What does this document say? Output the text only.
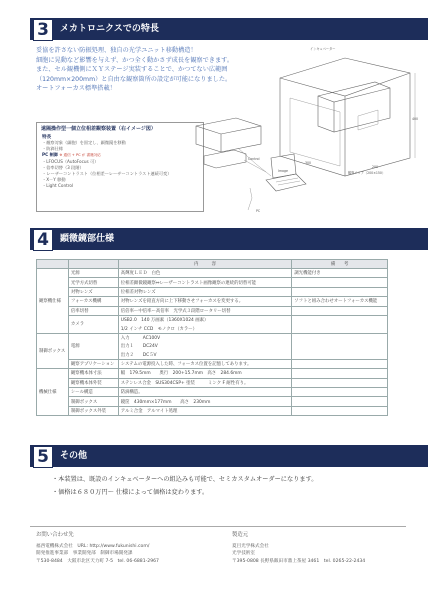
3	メカトロニクスでの特長

妥協を許さない防振処理、独自の光学ユニット移動構造！

細胞に晃動など影響を与えず、かつ全く動かさず成長を観察できます。

また、セル観機側にＸＹステージ実装することで、かつてない広範囲

（120mm×200mm）と自由な観察箇所の設定が可能になりました。

オートフォーカス標準搭載！

インキュベーター
観察エリア（200×150）
400
300
200
遠隔操作型一個立位相差観察装置（右イメージ図）
特長
・観察対象（細胞）を固定し、顕微鏡を移動
・防滴仕様
PC 制御 ※ 通信 + PC が 書籍対応
・LFOCUS（AutoFocus 可）
・倍率切替（3 段階）
・レーザーコントラスト（位相差ーレーザーコントラスト連続可変）
・X－Y 移動
・Light Control
Control
Image
PC
4	顕微鏡部仕様
		内　　　容	備　　考
観察機仕様	光源	高輝度ＬＥＤ　白色	調光機能付き
	光学方式切替	位相差顕微鏡観察⇔レーザーコントラスト画像観察の連続的切替可能	
	対物レンズ	位相差対物レンズ	
	フォーカス機構	対物レンズを鉛直方向に上下移動させフォーカスを変更する。	ソフトと組み合わせオートフォーカス機能
	倍率切替	倍倍率ー中倍率ー高倍率　光学式３段階ロータリー切替	
	カメラ	USB2.0　140 万画素（1360X1024 画素）	
		1/2 インチ CCD　モノクロ（カラー）	
制御ボックス	電源	入力　　　AC100V	
		出力１　　DC24V	
		出力２　　DC５V	
	観察アプリケーション	システムの電源投入した時、フォーカス位置を記憶してあります。	
機械仕様	観察機本体寸法	幅　179.5mm　　奥行　200+15.7mm　高さ　284.6mm	
	観察機本体外装	ステンレス合金　SUS304CSP+ 塗装　　　ミンク F 耐性有り。	
	シール構造	防滴構造。	
	制御ボックス	鏡筐　430mm×177mm　　高さ　230mm	
	制御ボックス外装	アルミ合金　アルマイト処理	
5	その他
・本装置は、既設のインキュベーターへの組込みも可能で、セミカスタムオーダーになります。
・価格は６８０万円〜 仕様によって価格は変わります。
お問い合わせ先
福西電機株式会社　URL: http://www.fukunishi.com/
開発推進事業部　事業開発部　制御市場開発課
〒530-8484　大阪市北区天力町 7-5　tel. 06-6881-2967
製造元
夏目光学株式会社
光学技術室
〒395-0808 長野県飯田市鼎上茶屋 3461　tel. 0265-22-2434
